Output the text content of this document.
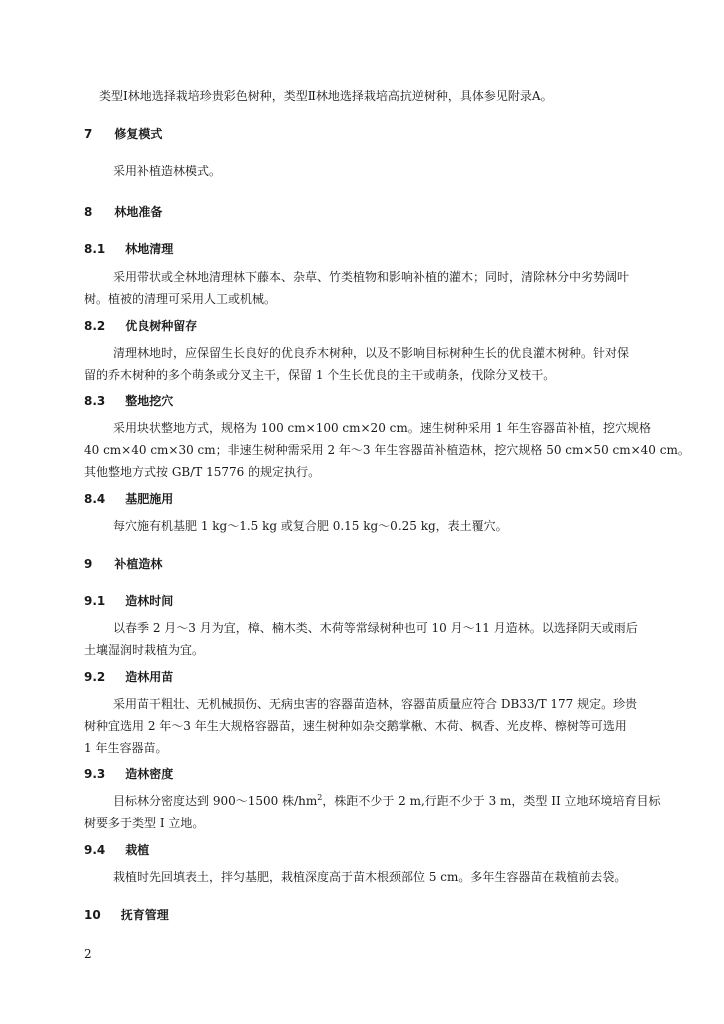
类型Ⅰ林地选择栽培珍贵彩色树种，类型Ⅱ林地选择栽培高抗逆树种，具体参见附录A。
7 修复模式
采用补植造林模式。
8 林地准备
8.1 林地清理
采用带状或全林地清理林下藤本、杂草、竹类植物和影响补植的灌木；同时，清除林分中劣势阔叶
树。植被的清理可采用人工或机械。
8.2 优良树种留存
清理林地时，应保留生长良好的优良乔木树种，以及不影响目标树种生长的优良灌木树种。针对保
留的乔木树种的多个萌条或分叉主干，保留 1 个生长优良的主干或萌条，伐除分叉枝干。
8.3 整地挖穴
采用块状整地方式，规格为 100 cm×100 cm×20 cm。速生树种采用 1 年生容器苗补植，挖穴规格
40 cm×40 cm×30 cm；非速生树种需采用 2 年～3 年生容器苗补植造林，挖穴规格 50 cm×50 cm×40 cm。
其他整地方式按 GB/T 15776 的规定执行。
8.4 基肥施用
每穴施有机基肥 1 kg～1.5 kg 或复合肥 0.15 kg～0.25 kg，表土覆穴。
9 补植造林
9.1 造林时间
以春季 2 月～3 月为宜，樟、楠木类、木荷等常绿树种也可 10 月～11 月造林。以选择阴天或雨后
土壤湿润时栽植为宜。
9.2 造林用苗
采用苗干粗壮、无机械损伤、无病虫害的容器苗造林，容器苗质量应符合 DB33/T 177 规定。珍贵
树种宜选用 2 年～3 年生大规格容器苗，速生树种如杂交鹅掌楸、木荷、枫香、光皮桦、檫树等可选用
1 年生容器苗。
9.3 造林密度
目标林分密度达到 900～1500 株$/hm^2$，株距不少于 2 m,行距不少于 3 m，类型 II 立地环境培育目标
树要多于类型 I 立地。
9.4 栽植
栽植时先回填表土，拌匀基肥，栽植深度高于苗木根颈部位 5 cm。多年生容器苗在栽植前去袋。
10 抚育管理
2
